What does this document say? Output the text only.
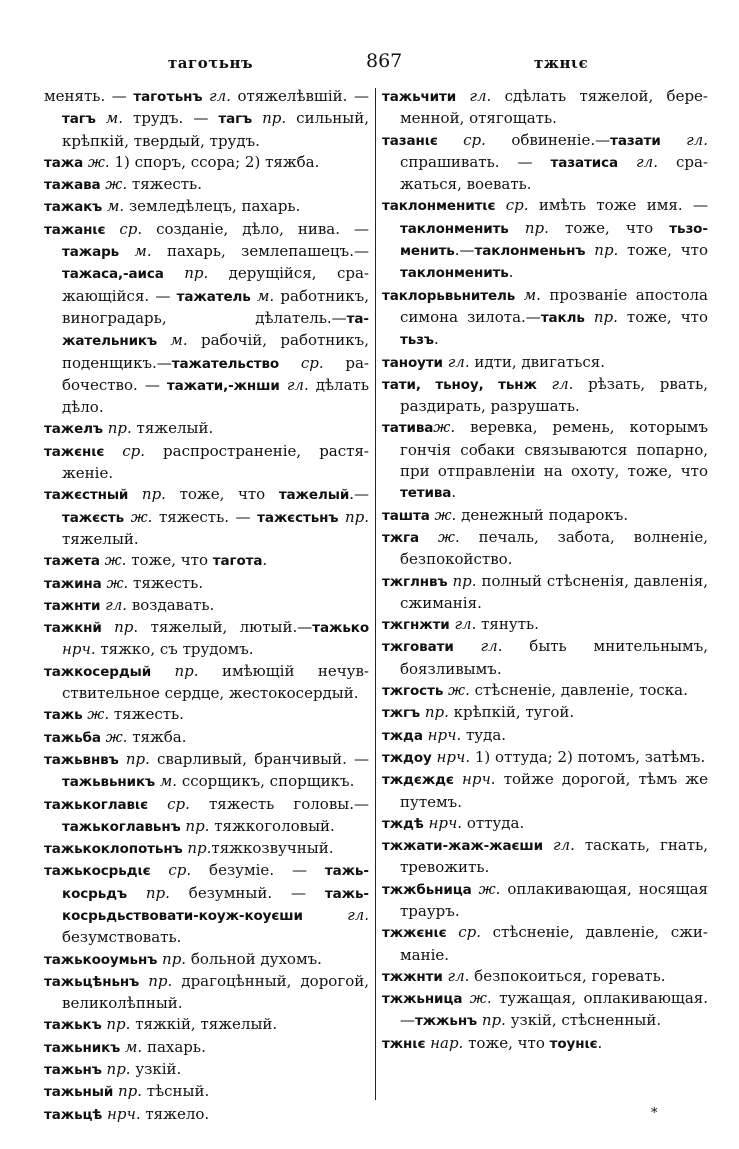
тагоτьнъ	867	тжнιє

менять. — тагоτьнъ гл. отяжелѣвшій. — тагъ м. трудъ. — тагъ пр. сильный, крѣпкій, твердый, трудъ.

тажа ж. 1) споръ, ссора; 2) тяжба.

тажава ж. тяжесть.

тажакъ м. земледѣлецъ, пахарь.

тажанιє ср. созданіе, дѣло, нива. — тажарь м. пахарь, землепашецъ.— тажаса,-аиса пр. дерущійся, сражающійся. — тажатель м. работникъ, виноградарь, дѣлатель.—тажательникъ м. рабочій, работникъ, поденщикъ.—тажательство ср. рабочество. — тажати,-жнши гл. дѣлать дѣло.

тажелъ пр. тяжелый.

тажєнιє ср. распространеніе, растяженіе.

тажєстный пр. тоже, что тажелый.— тажєсть ж. тяжесть. — тажєстьнъ пр. тяжелый.

тажета ж. тоже, что тагота.

тажина ж. тяжесть.

тажнти гл. воздавать.

тажкнй пр. тяжелый, лютый.—тажько нрч. тяжко, съ трудомъ.

тажкосердый пр. имѣющій нечувствительное сердце, жестокосердый.

тажь ж. тяжесть.

тажьба ж. тяжба.

тажьвнвъ пр. сварливый, бранчивый. — тажьвьникъ м. ссорщикъ, спорщикъ.

тажькоглавιє ср. тяжесть головы.— тажькоглавьнъ пр. тяжкоголовый.

тажькоклопотьнъ пр.тяжкозвучный.

тажькосрьдιє ср. безуміе. — тажькосрьдъ пр. безумный. — тажькосрьдьствовати-коуж-коуєши гл. безумствовать.

тажькооумьнъ пр. больной духомъ.

тажьцѣньнъ пр. драгоцѣнный, дорогой, великолѣпный.

тажькъ пр. тяжкій, тяжелый.

тажьникъ м. пахарь.

тажьнъ пр. узкій.

тажьный пр. тѣсный.

тажьцѣ нрч. тяжело.

тажьчити гл. сдѣлать тяжелой, беременной, отягощать.

тазанιє ср. обвиненіе.—тазати гл. спрашивать. — тазатиса гл. сражаться, воевать.

таклонменитιє ср. имѣть тоже имя. —таклонменить пр. тоже, что тьзоменить.—таклонменьнъ пр. тоже, что таклонменить.

таклорьвьнитель м. прозваніе апостола симона зилота.—такль пр. тоже, что тьзъ.

таноути гл. идти, двигаться.

тати, тьноу, тьнж гл. рѣзать, рвать, раздирать, разрушать.

тативаж. веревка, ремень, которымъ гончія собаки связываются попарно, при отправленіи на охоту, тоже, что тетива.

ташта ж. денежный подарокъ.

тжга ж. печаль, забота, волненіе, безпокойство.

тжглнвъ пр. полный стѣсненія, давленія, сжиманія.

тжгнжти гл. тянуть.

тжговати гл. быть мнительнымъ, боязливымъ.

тжгость ж. стѣсненіе, давленіе, тоска.

тжгъ пр. крѣпкій, тугой.

тжда нрч. туда.

тждоу нрч. 1) оттуда; 2) потомъ, затѣмъ.

тждєждє нрч. тойже дорогой, тѣмъ же путемъ.

тждѣ нрч. оттуда.

тжжати-жаж-жаєши гл. таскать, гнать, тревожить.

тжжбьница ж. оплакивающая, носящая трауръ.

тжжєнιє ср. стѣсненіе, давленіе, сжиманіе.

тжжнти гл. безпокоиться, горевать.

тжжьница ж. тужащая, оплакивающая.—тжжьнъ пр. узкій, стѣсненный.

тжнιє нар. тоже, что тоунιє.

*
